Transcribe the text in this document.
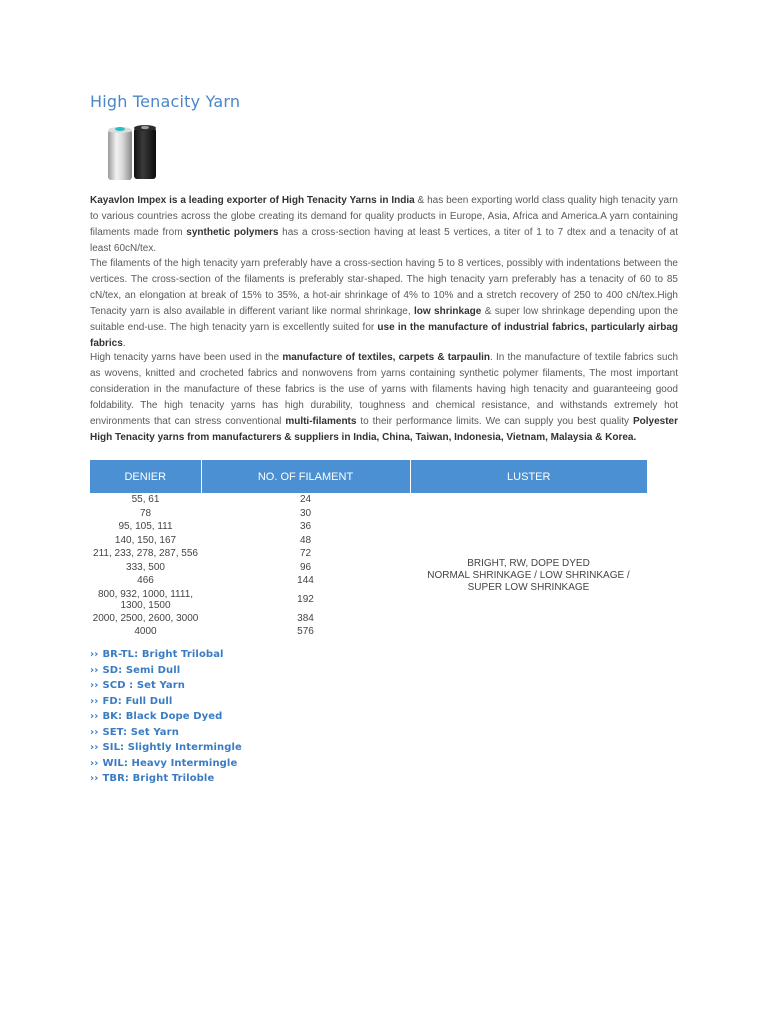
High Tenacity Yarn

Kayavlon Impex is a leading exporter of High Tenacity Yarns in India & has been exporting world class quality high tenacity yarn to various countries across the globe creating its demand for quality products in Europe, Asia, Africa and America.A yarn containing filaments made from synthetic polymers has a cross-section having at least 5 vertices, a titer of 1 to 7 dtex and a tenacity of at least 60cN/tex.

The filaments of the high tenacity yarn preferably have a cross-section having 5 to 8 vertices, possibly with indentations between the vertices. The cross-section of the filaments is preferably star-shaped. The high tenacity yarn preferably has a tenacity of 60 to 85 cN/tex, an elongation at break of 15% to 35%, a hot-air shrinkage of 4% to 10% and a stretch recovery of 250 to 400 cN/tex.High Tenacity yarn is also available in different variant like normal shrinkage, low shrinkage & super low shrinkage depending upon the suitable end-use. The high tenacity yarn is excellently suited for use in the manufacture of industrial fabrics, particularly airbag fabrics.

High tenacity yarns have been used in the manufacture of textiles, carpets & tarpaulin. In the manufacture of textile fabrics such as wovens, knitted and crocheted fabrics and nonwovens from yarns containing synthetic polymer filaments, The most important consideration in the manufacture of these fabrics is the use of yarns with filaments having high tenacity and guaranteeing good foldability. The high tenacity yarns has high durability, toughness and chemical resistance, and withstands extremely hot environments that can stress conventional multi-filaments to their performance limits. We can supply you best quality Polyester High Tenacity yarns from manufacturers & suppliers in India, China, Taiwan, Indonesia, Vietnam, Malaysia & Korea.

DENIER	NO. OF FILAMENT	LUSTER
55, 61	24	BRIGHT, RW, DOPE DYED
NORMAL SHRINKAGE / LOW SHRINKAGE /
SUPER LOW SHRINKAGE

78	30	
95, 105, 111	36	
140, 150, 167	48	
211, 233, 278, 287, 556	72	
333, 500	96	
466	144	
800, 932, 1000, 1111, 1300, 1500	192	
2000, 2500, 2600, 3000	384	
4000	576	
›› BR-TL: Bright Trilobal
›› SD: Semi Dull
›› SCD : Set Yarn
›› FD: Full Dull
›› BK: Black Dope Dyed
›› SET: Set Yarn
›› SIL: Slightly Intermingle
›› WIL: Heavy Intermingle
›› TBR: Bright Triloble
